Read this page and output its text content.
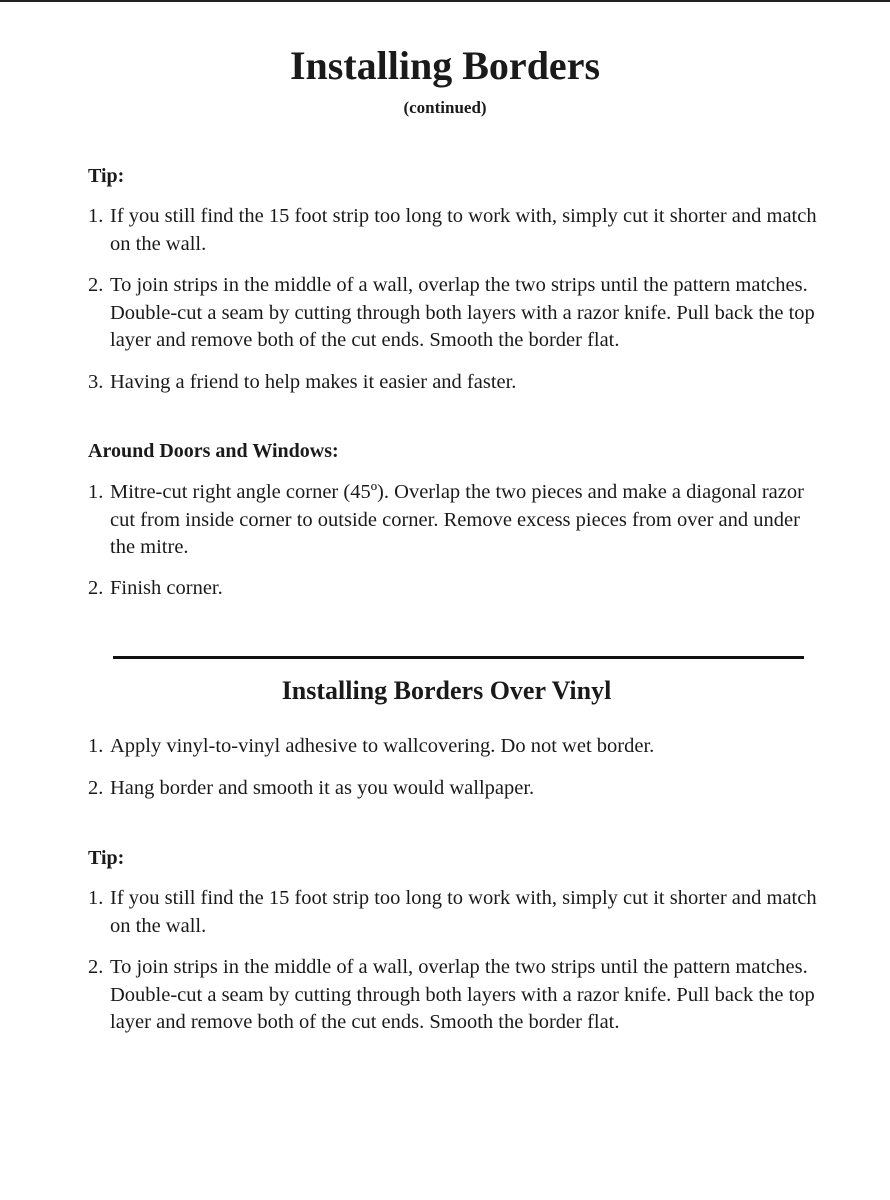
Installing Borders
(continued)
Tip:
1. If you still find the 15 foot strip too long to work with, simply cut it shorter and match on the wall.
2. To join strips in the middle of a wall, overlap the two strips until the pattern matches. Double-cut a seam by cutting through both layers with a razor knife. Pull back the top layer and remove both of the cut ends. Smooth the border flat.
3. Having a friend to help makes it easier and faster.
Around Doors and Windows:
1. Mitre-cut right angle corner (45º). Overlap the two pieces and make a diagonal razor cut from inside corner to outside corner. Remove excess pieces from over and under the mitre.
2. Finish corner.
Installing Borders Over Vinyl
1. Apply vinyl-to-vinyl adhesive to wallcovering. Do not wet border.
2. Hang border and smooth it as you would wallpaper.
Tip:
1. If you still find the 15 foot strip too long to work with, simply cut it shorter and match on the wall.
2. To join strips in the middle of a wall, overlap the two strips until the pattern matches. Double-cut a seam by cutting through both layers with a razor knife. Pull back the top layer and remove both of the cut ends. Smooth the border flat.
